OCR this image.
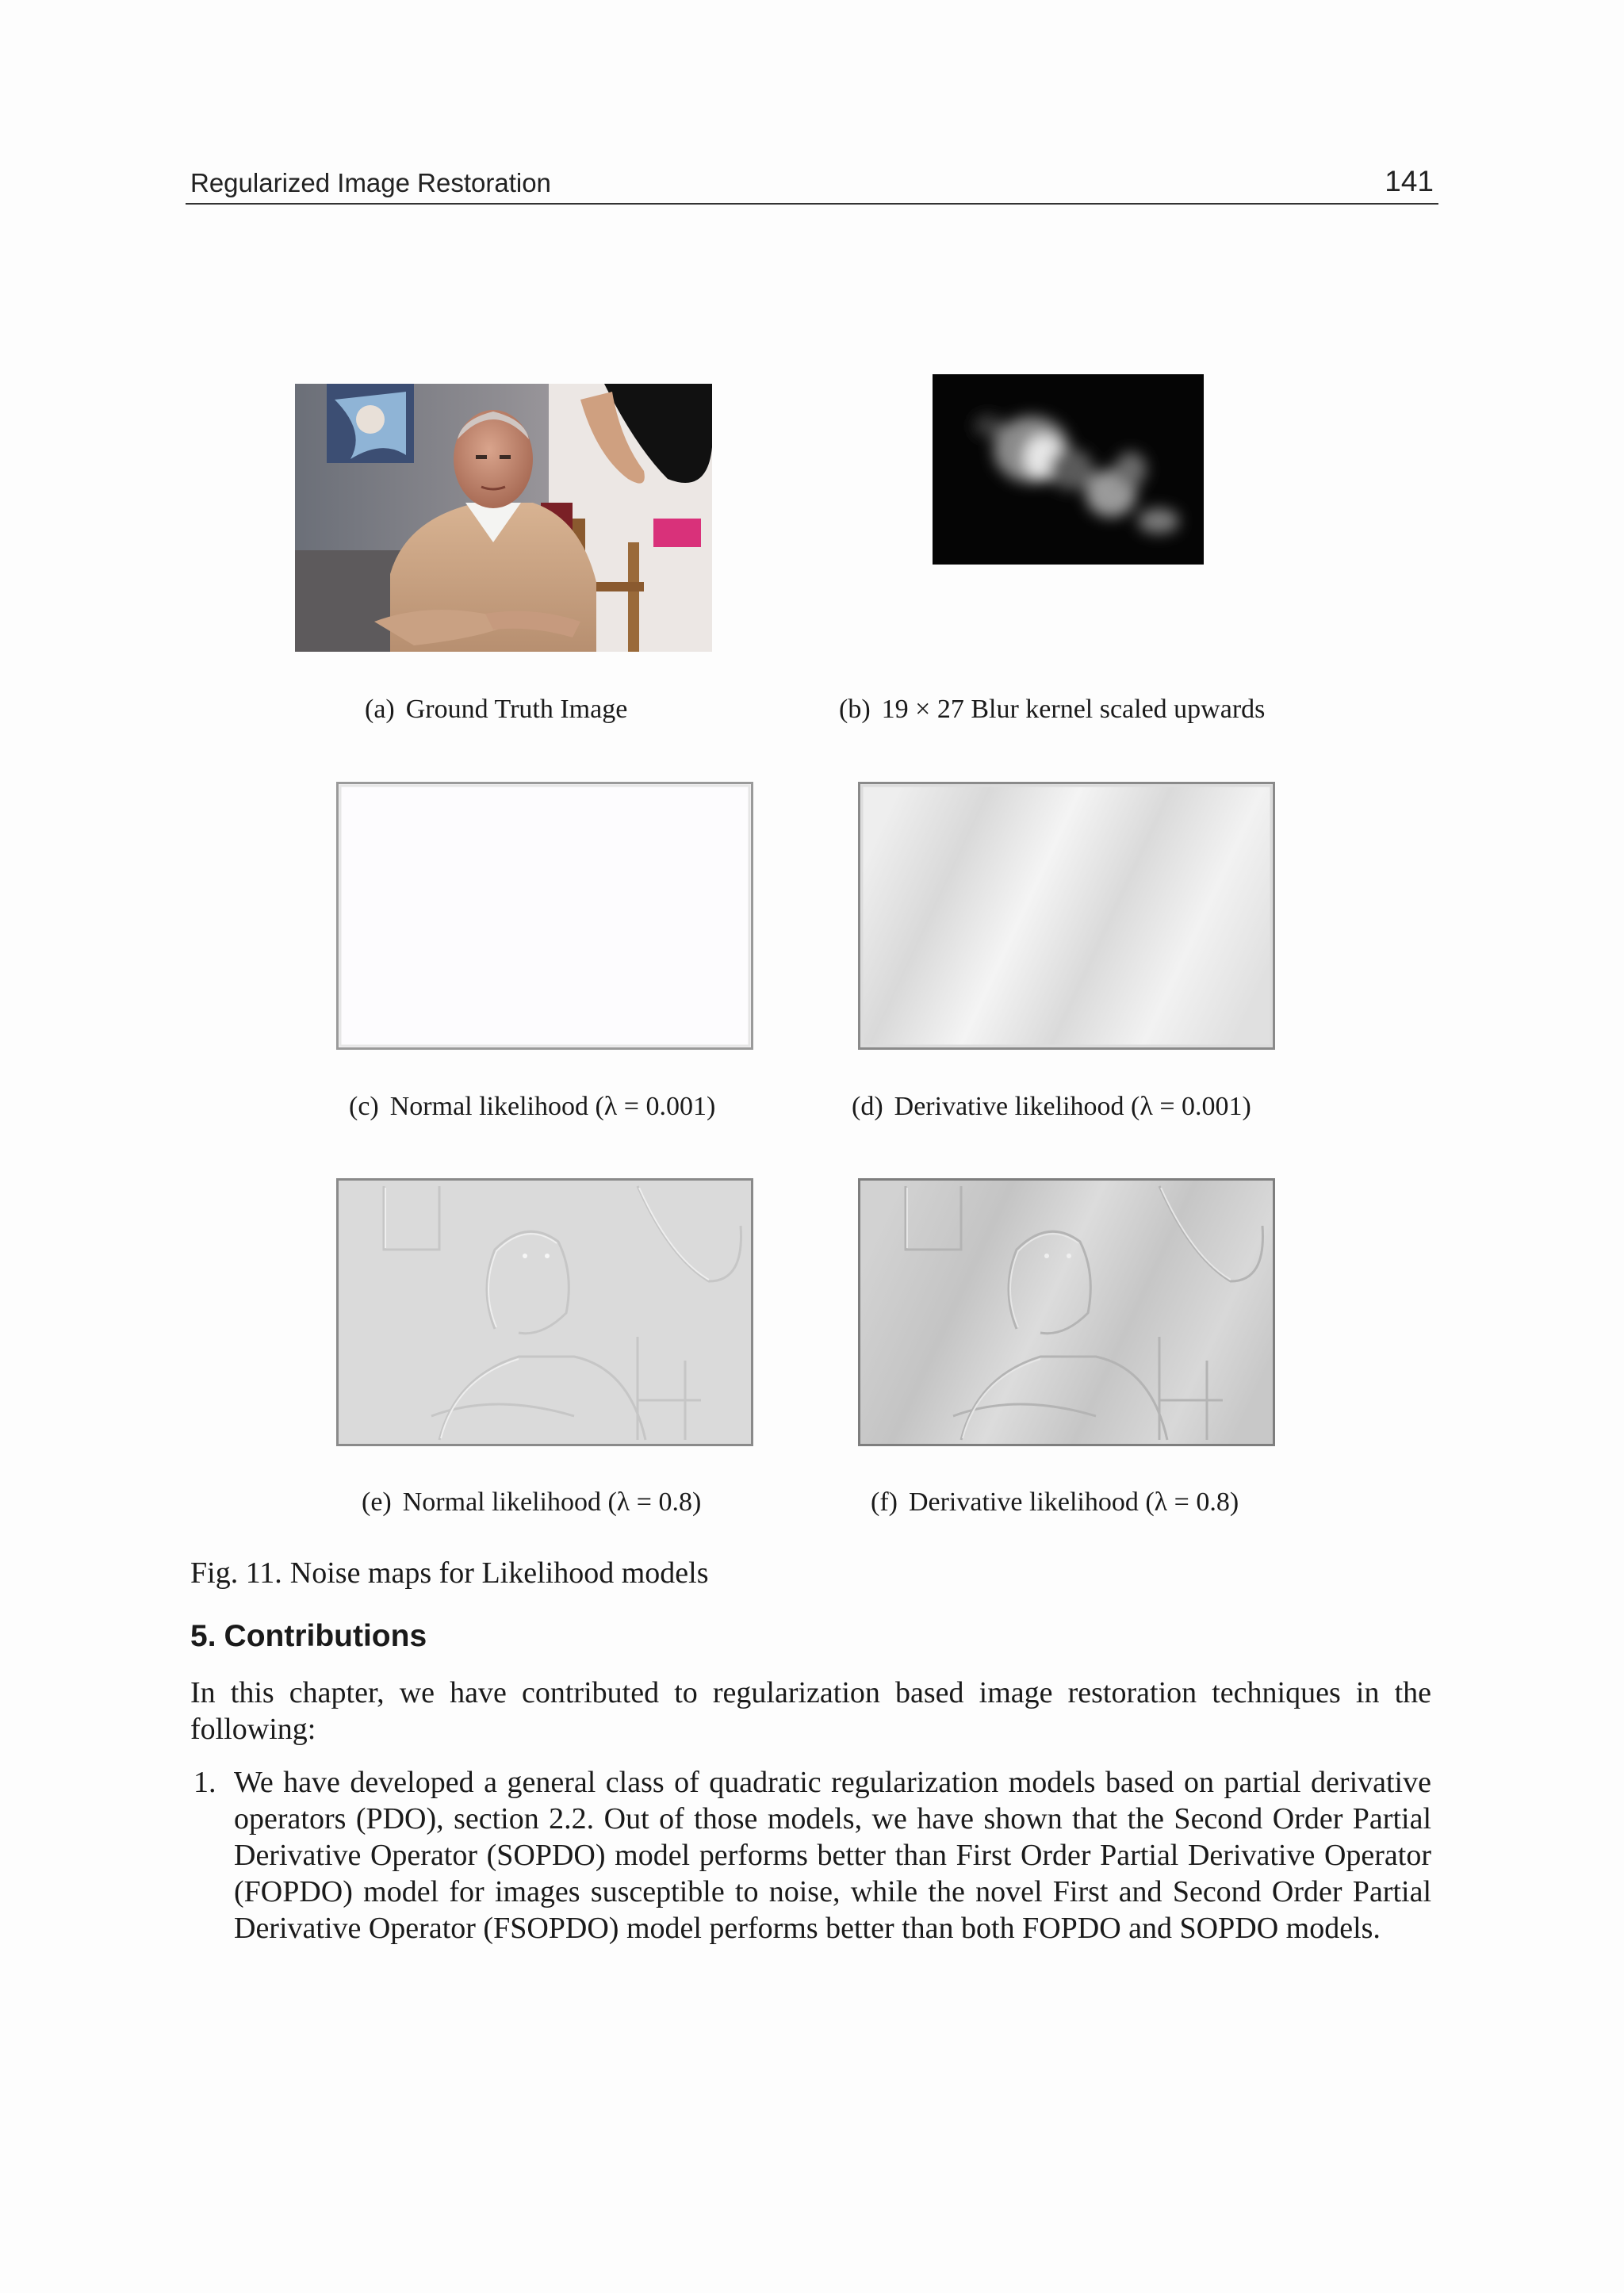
Regularized Image Restoration	141
(a) Ground Truth Image	(b) 19 × 27 Blur kernel scaled upwards
(c) Normal likelihood (λ = 0.001)	(d) Derivative likelihood (λ = 0.001)
(e) Normal likelihood (λ = 0.8)	(f) Derivative likelihood (λ = 0.8)
Fig. 11. Noise maps for Likelihood models
5. Contributions
In this chapter, we have contributed to regularization based image restoration techniques in the following:
1. We have developed a general class of quadratic regularization models based on partial derivative operators (PDO), section 2.2. Out of those models, we have shown that the Second Order Partial Derivative Operator (SOPDO) model performs better than First Order Partial Derivative Operator (FOPDO) model for images susceptible to noise, while the novel First and Second Order Partial Derivative Operator (FSOPDO) model performs better than both FOPDO and SOPDO models.
